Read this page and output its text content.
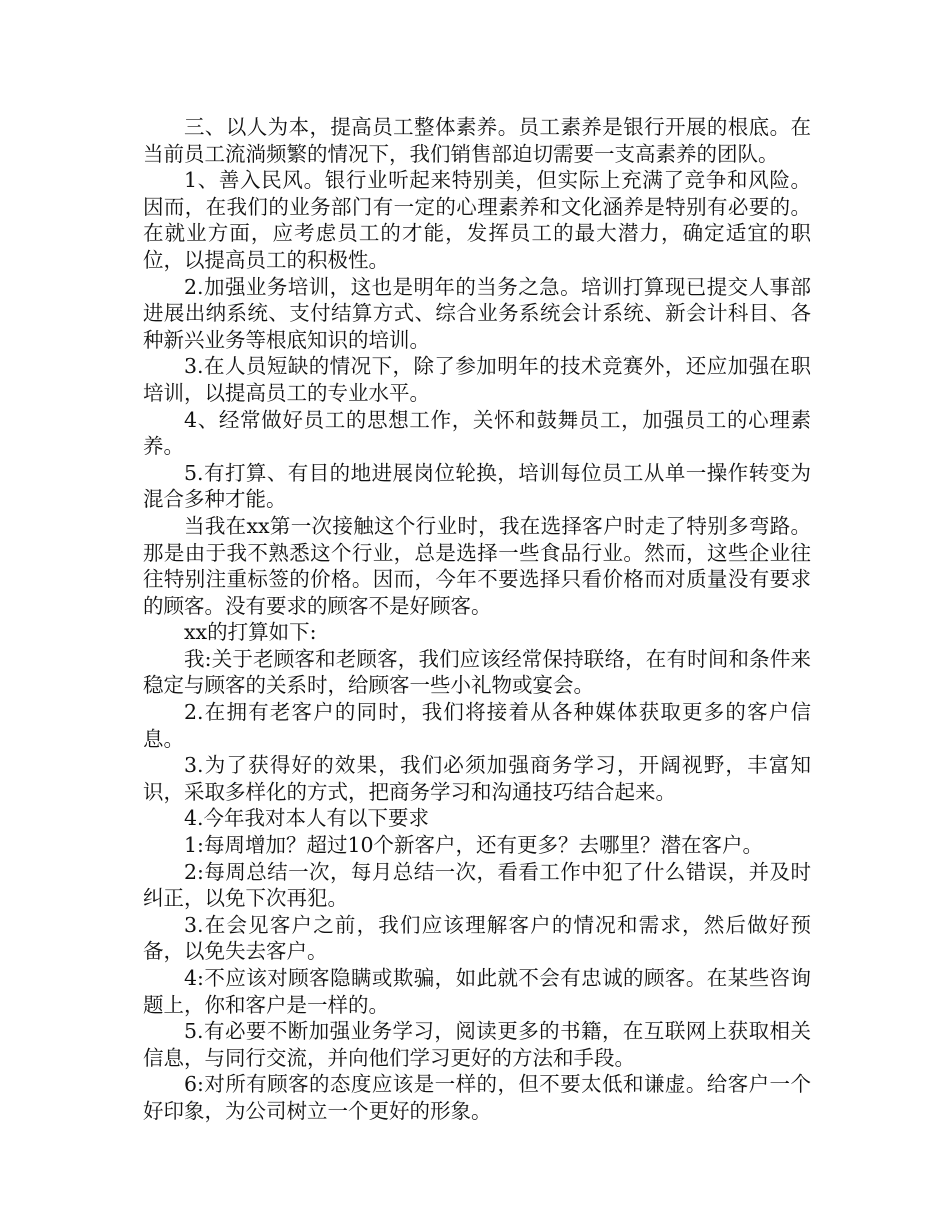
三、以人为本，提高员工整体素养。员工素养是银行开展的根底。在当前员工流淌频繁的情况下，我们销售部迫切需要一支高素养的团队。

1、善入民风。银行业听起来特别美，但实际上充满了竞争和风险。因而，在我们的业务部门有一定的心理素养和文化涵养是特别有必要的。在就业方面，应考虑员工的才能，发挥员工的最大潜力，确定适宜的职位，以提高员工的积极性。

2.加强业务培训，这也是明年的当务之急。培训打算现已提交人事部进展出纳系统、支付结算方式、综合业务系统会计系统、新会计科目、各种新兴业务等根底知识的培训。

3.在人员短缺的情况下，除了参加明年的技术竞赛外，还应加强在职培训，以提高员工的专业水平。

4、经常做好员工的思想工作，关怀和鼓舞员工，加强员工的心理素养。

5.有打算、有目的地进展岗位轮换，培训每位员工从单一操作转变为混合多种才能。

当我在xx第一次接触这个行业时，我在选择客户时走了特别多弯路。那是由于我不熟悉这个行业，总是选择一些食品行业。然而，这些企业往往特别注重标签的价格。因而，今年不要选择只看价格而对质量没有要求的顾客。没有要求的顾客不是好顾客。

xx的打算如下:

我:关于老顾客和老顾客，我们应该经常保持联络，在有时间和条件来稳定与顾客的关系时，给顾客一些小礼物或宴会。

2.在拥有老客户的同时，我们将接着从各种媒体获取更多的客户信息。

3.为了获得好的效果，我们必须加强商务学习，开阔视野，丰富知识，采取多样化的方式，把商务学习和沟通技巧结合起来。

4.今年我对本人有以下要求

1:每周增加？超过10个新客户，还有更多？去哪里？潜在客户。

2:每周总结一次，每月总结一次，看看工作中犯了什么错误，并及时纠正，以免下次再犯。

3.在会见客户之前，我们应该理解客户的情况和需求，然后做好预备，以免失去客户。

4:不应该对顾客隐瞒或欺骗，如此就不会有忠诚的顾客。在某些咨询题上，你和客户是一样的。

5.有必要不断加强业务学习，阅读更多的书籍，在互联网上获取相关信息，与同行交流，并向他们学习更好的方法和手段。

6:对所有顾客的态度应该是一样的，但不要太低和谦虚。给客户一个好印象，为公司树立一个更好的形象。
